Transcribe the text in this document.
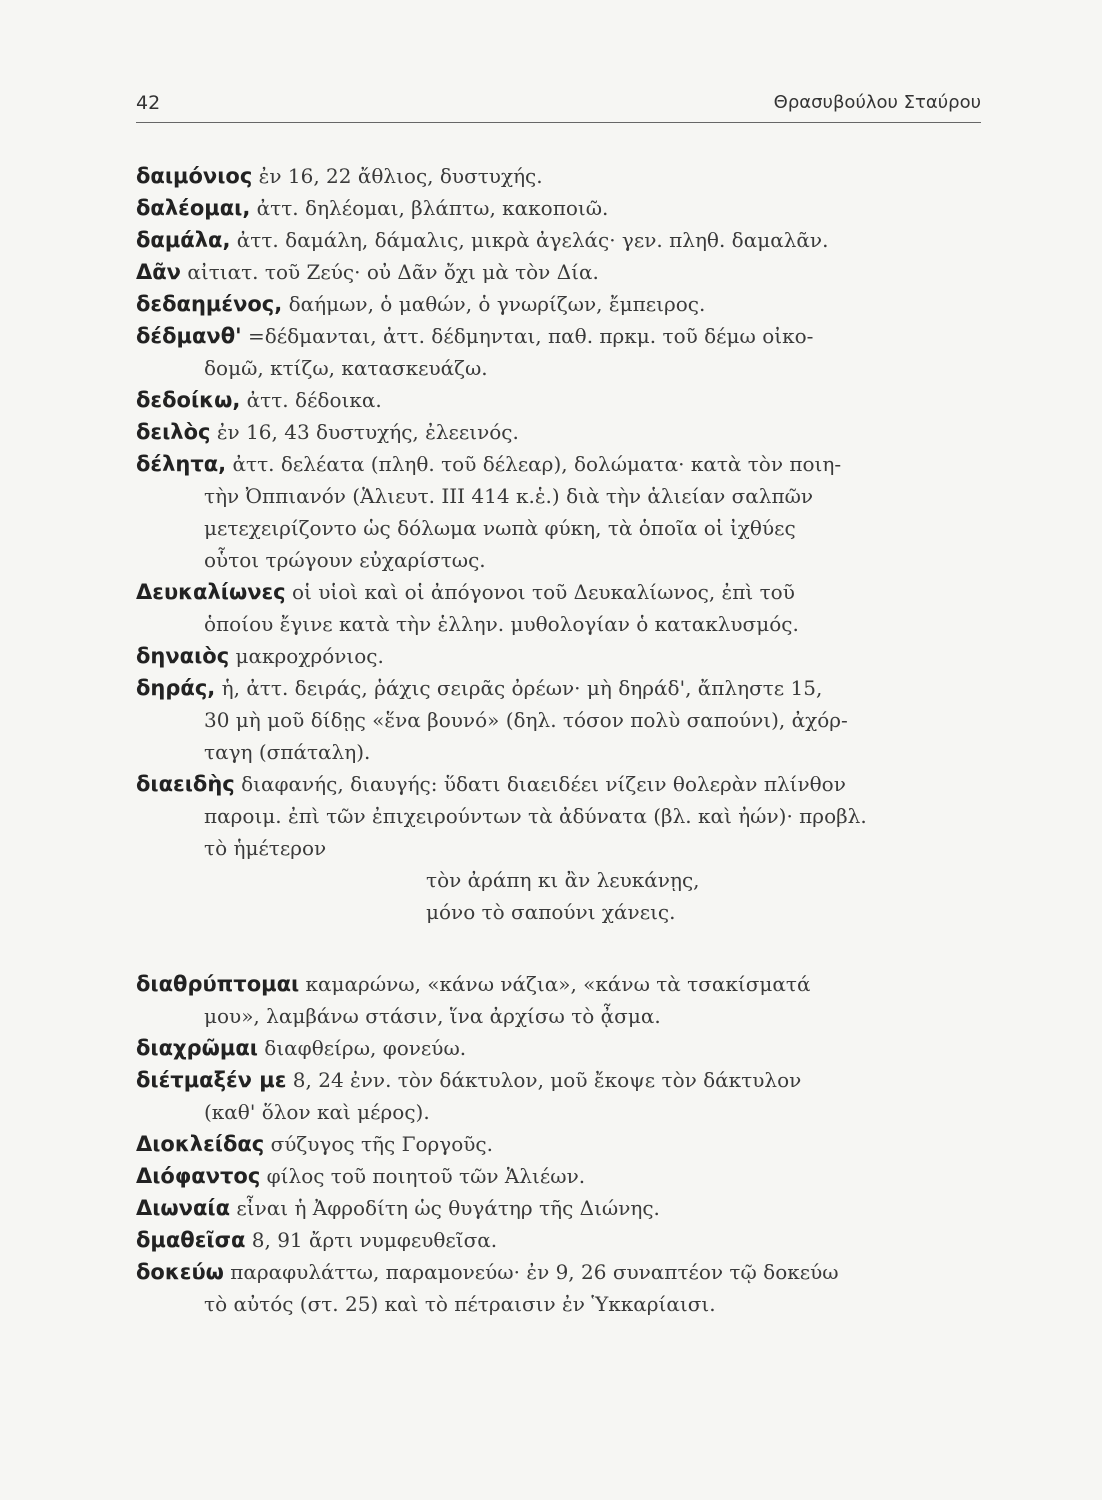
42	Θρασυβούλου Σταύρου
δαιμόνιος ἐν 16, 22 ἄθλιος, δυστυχής.
δαλέομαι, ἀττ. δηλέομαι, βλάπτω, κακοποιῶ.
δαμάλα, ἀττ. δαμάλη, δάμαλις, μικρὰ ἀγελάς· γεν. πληθ. δαμαλᾶν.
Δᾶν αἰτιατ. τοῦ Ζεύς· οὐ Δᾶν ὄχι μὰ τὸν Δία.
δεδαημένος, δαήμων, ὁ μαθών, ὁ γνωρίζων, ἔμπειρος.
δέδμανθ' =δέδμανται, ἀττ. δέδμηνται, παθ. πρκμ. τοῦ δέμω οἰκο-
δομῶ, κτίζω, κατασκευάζω.
δεδοίκω, ἀττ. δέδοικα.
δειλὸς ἐν 16, 43 δυστυχής, ἐλεεινός.
δέλητα, ἀττ. δελέατα (πληθ. τοῦ δέλεαρ), δολώματα· κατὰ τὸν ποιη-
τὴν Ὀππιανόν (Ἁλιευτ. III 414 κ.ἑ.) διὰ τὴν ἁλιείαν σαλπῶν
μετεχειρίζοντο ὡς δόλωμα νωπὰ φύκη, τὰ ὁποῖα οἱ ἰχθύες
οὗτοι τρώγουν εὐχαρίστως.
Δευκαλίωνες οἱ υἱοὶ καὶ οἱ ἀπόγονοι τοῦ Δευκαλίωνος, ἐπὶ τοῦ
ὁποίου ἔγινε κατὰ τὴν ἑλλην. μυθολογίαν ὁ κατακλυσμός.
δηναιὸς μακροχρόνιος.
δηράς, ἡ, ἀττ. δειράς, ῥάχις σειρᾶς ὀρέων· μὴ δηράδ', ἄπληστε 15,
30 μὴ μοῦ δίδῃς «ἕνα βουνό» (δηλ. τόσον πολὺ σαπούνι), ἀχόρ-
ταγη (σπάταλη).
διαειδὴς διαφανής, διαυγής: ὕδατι διαειδέει νίζειν θολερὰν πλίνθον
παροιμ. ἐπὶ τῶν ἐπιχειρούντων τὰ ἀδύνατα (βλ. καὶ ἠών)· προβλ.
τὸ ἡμέτερον
τὸν ἀράπη κι ἂν λευκάνῃς,
μόνο τὸ σαπούνι χάνεις.
διαθρύπτομαι καμαρώνω, «κάνω νάζια», «κάνω τὰ τσακίσματά
μου», λαμβάνω στάσιν, ἵνα ἀρχίσω τὸ ᾆσμα.
διαχρῶμαι διαφθείρω, φονεύω.
διέτμαξέν με 8, 24 ἐνν. τὸν δάκτυλον, μοῦ ἔκοψε τὸν δάκτυλον
(καθ' ὅλον καὶ μέρος).
Διοκλείδας σύζυγος τῆς Γοργοῦς.
Διόφαντος φίλος τοῦ ποιητοῦ τῶν Ἁλιέων.
Διωναία εἶναι ἡ Ἀφροδίτη ὡς θυγάτηρ τῆς Διώνης.
δμαθεῖσα 8, 91 ἄρτι νυμφευθεῖσα.
δοκεύω παραφυλάττω, παραμονεύω· ἐν 9, 26 συναπτέον τῷ δοκεύω
τὸ αὐτός (στ. 25) καὶ τὸ πέτραισιν ἐν Ὑκκαρίαισι.
